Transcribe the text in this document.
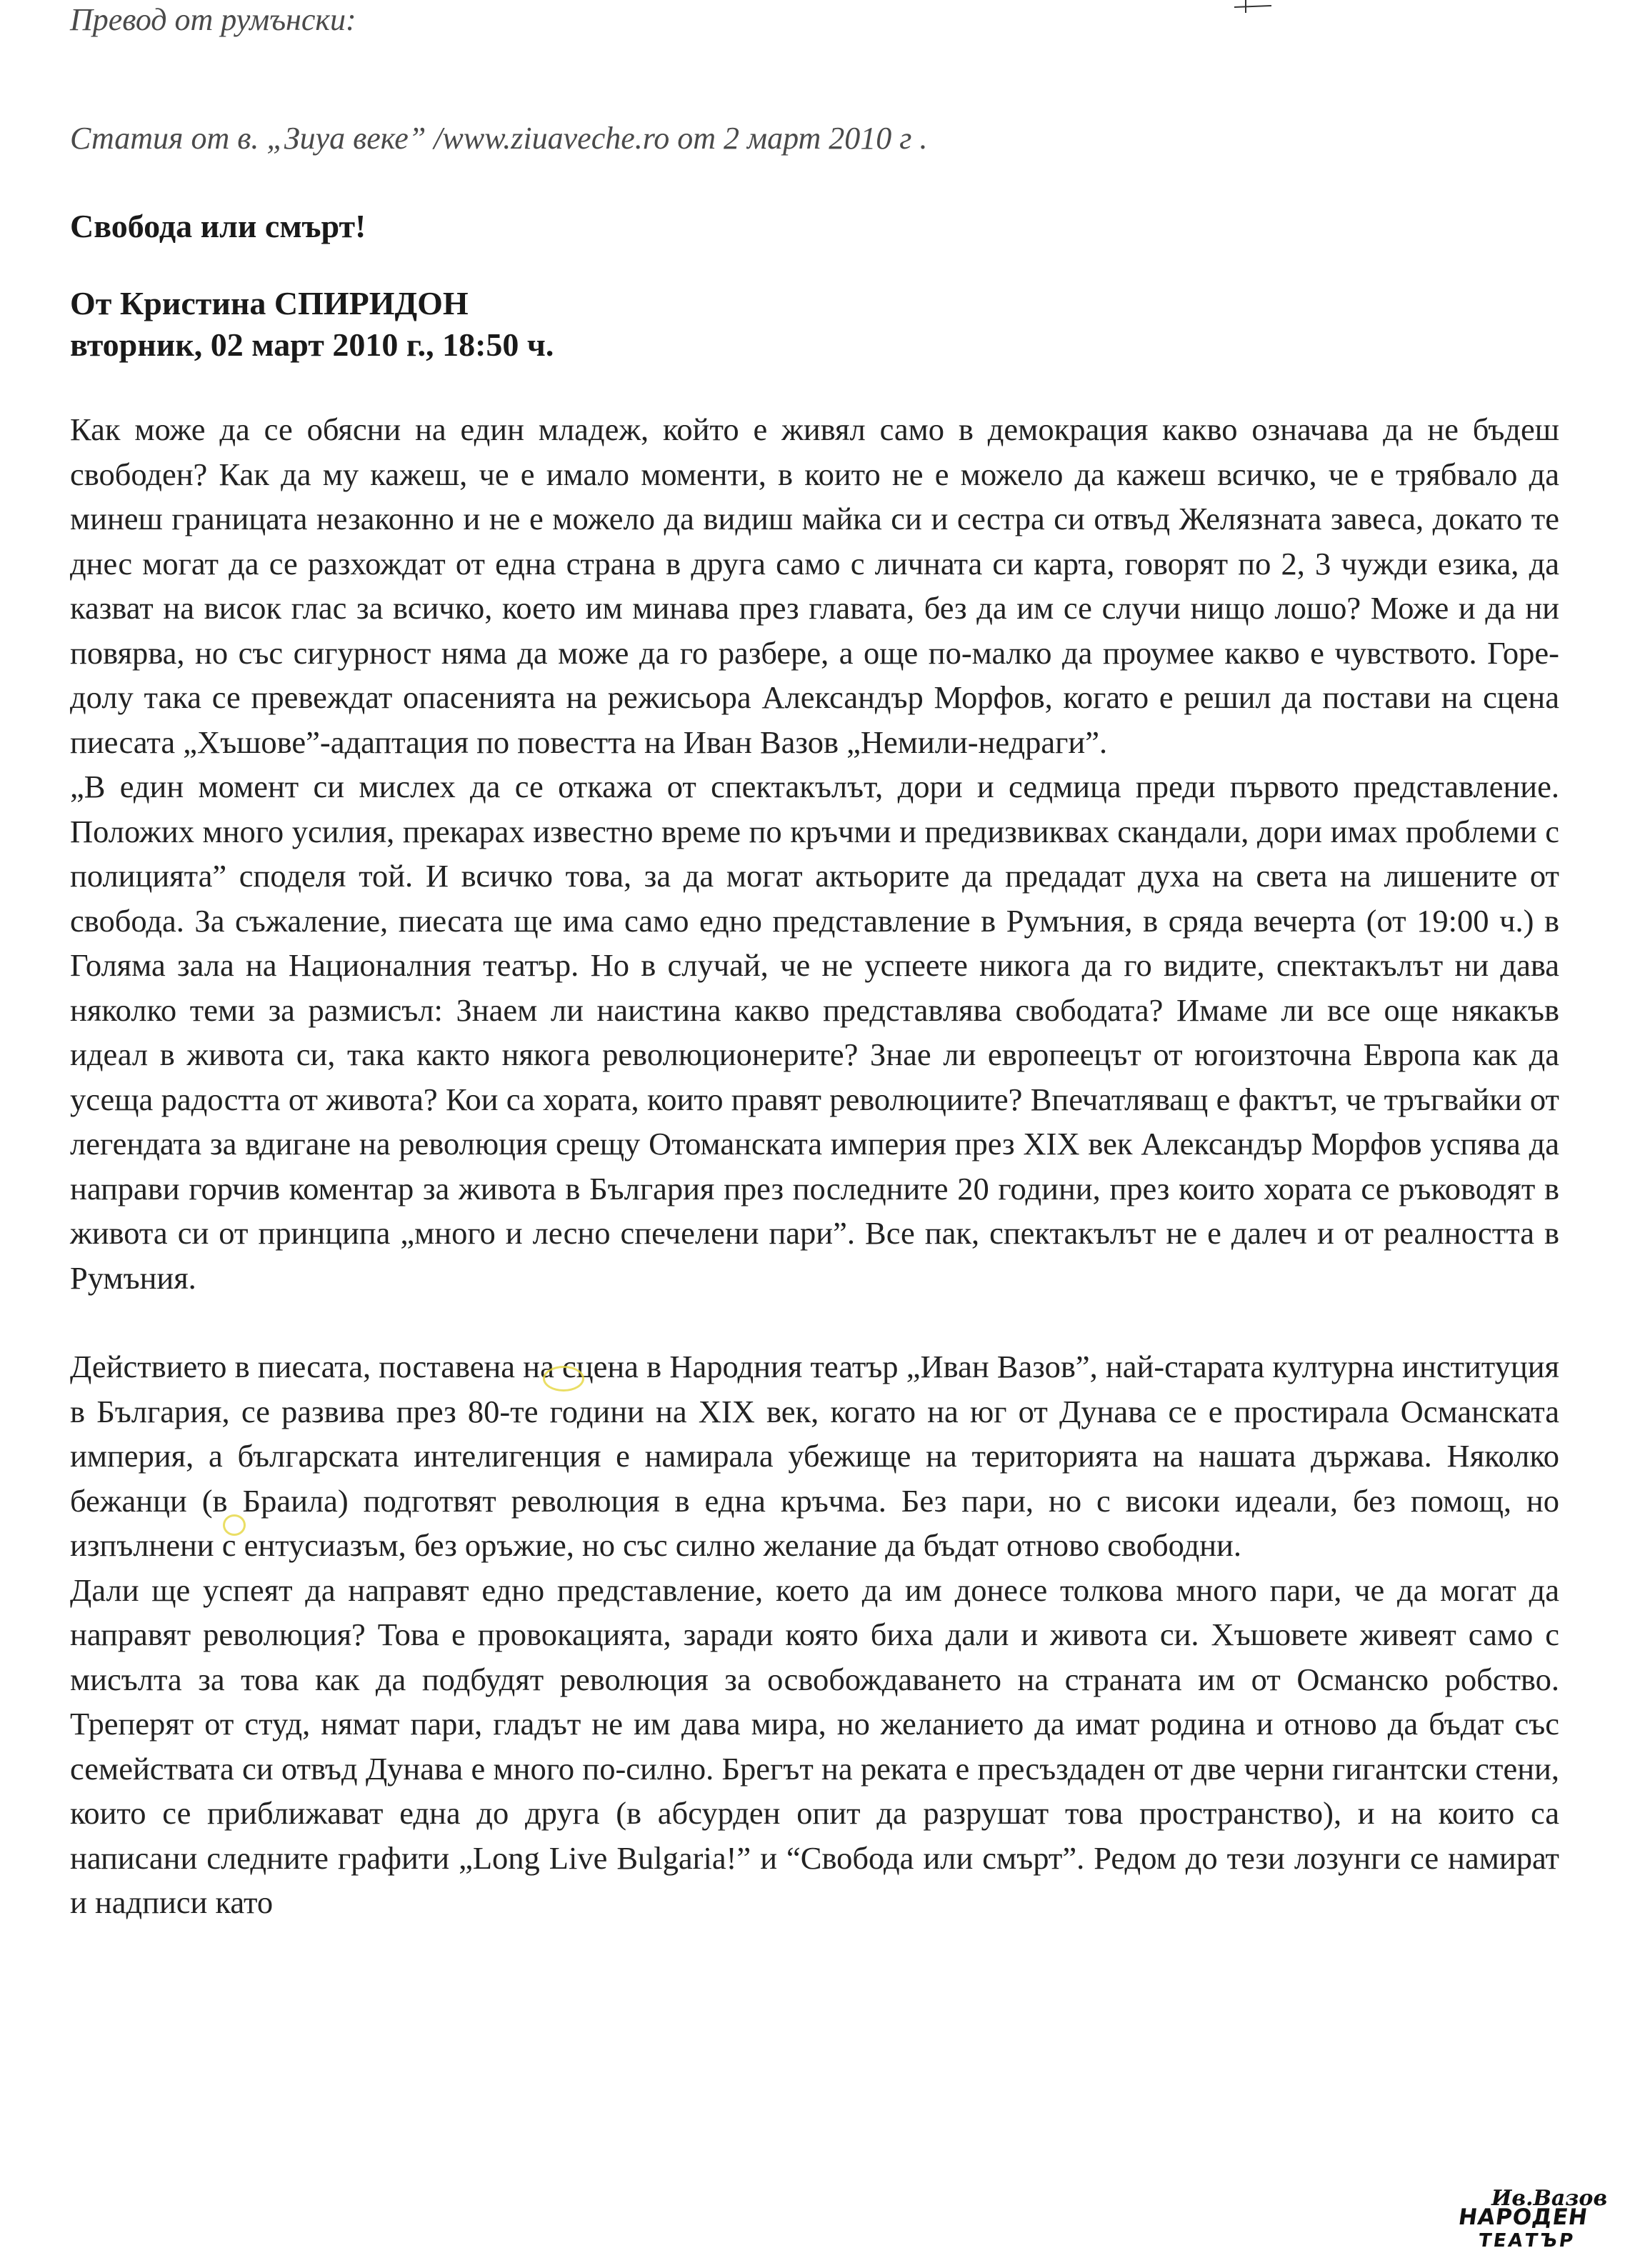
Превод от румънски:
Статия от в. „Зиуа веке” /www.ziuaveche.ro от 2 март 2010 г .
Свобода или смърт!
От Кристина СПИРИДОН
вторник, 02 март 2010 г., 18:50 ч.

Как може да се обясни на един младеж, който е живял само в демокрация какво означава да не бъдеш свободен? Как да му кажеш, че е имало моменти, в които не е можело да кажеш всичко, че е трябвало да минеш границата незаконно и не е можело да видиш майка си и сестра си отвъд Желязната завеса, докато те днес могат да се разхождат от една страна в друга само с личната си карта, говорят по 2, 3 чужди езика, да казват на висок глас за всичко, което им минава през главата, без да им се случи нищо лошо? Може и да ни повярва, но със сигурност няма да може да го разбере, а още по-малко да проумее какво е чувството. Горе-долу така се превеждат опасенията на режисьора Александър Морфов, когато е решил да постави на сцена пиесата „Хъшове”-адаптация по повестта на Иван Вазов „Немили-недраги”.

„В един момент си мислех да се откажа от спектакълът, дори и седмица преди първото представление. Положих много усилия, прекарах известно време по кръчми и предизвиквах скандали, дори имах проблеми с полицията” споделя той. И всичко това, за да могат актьорите да предадат духа на света на лишените от свобода. За съжаление, пиесата ще има само едно представление в Румъния, в сряда вечерта (от 19:00 ч.) в Голяма зала на Националния театър. Но в случай, че не успеете никога да го видите, спектакълът ни дава няколко теми за размисъл: Знаем ли наистина какво представлява свободата? Имаме ли все още някакъв идеал в живота си, така както някога революционерите? Знае ли европеецът от югоизточна Европа как да усеща радостта от живота? Кои са хората, които правят революциите? Впечатляващ е фактът, че тръгвайки от легендата за вдигане на революция срещу Отоманската империя през XIX век Александър Морфов успява да направи горчив коментар за живота в България през последните 20 години, през които хората се ръководят в живота си от принципа „много и лесно спечелени пари”. Все пак, спектакълът не е далеч и от реалността в Румъния.

Действието в пиесата, поставена на сцена в Народния театър „Иван Вазов”, най-старата културна институция в България, се развива през 80-те години на XIX век, когато на юг от Дунава се е простирала Османската империя, а българската интелигенция е намирала убежище на територията на нашата държава. Няколко бежанци (в Браила) подготвят революция в една кръчма. Без пари, но с високи идеали, без помощ, но изпълнени с ентусиазъм, без оръжие, но със силно желание да бъдат отново свободни.

Дали ще успеят да направят едно представление, което да им донесе толкова много пари, че да могат да направят революция? Това е провокацията, заради която биха дали и живота си. Хъшовете живеят само с мисълта за това как да подбудят революция за освобождаването на страната им от Османско робство. Треперят от студ, нямат пари, гладът не им дава мира, но желанието да имат родина и отново да бъдат със семействата си отвъд Дунава е много по-силно. Брегът на реката е пресъздаден от две черни гигантски стени, които се приближават една до друга (в абсурден опит да разрушат това пространство), и на които са написани следните графити „Long Live Bulgaria!” и “Свобода или смърт”. Редом до тези лозунги се намират и надписи като

Ив.Вазов
НАРОДЕН
ТЕАТЪР
